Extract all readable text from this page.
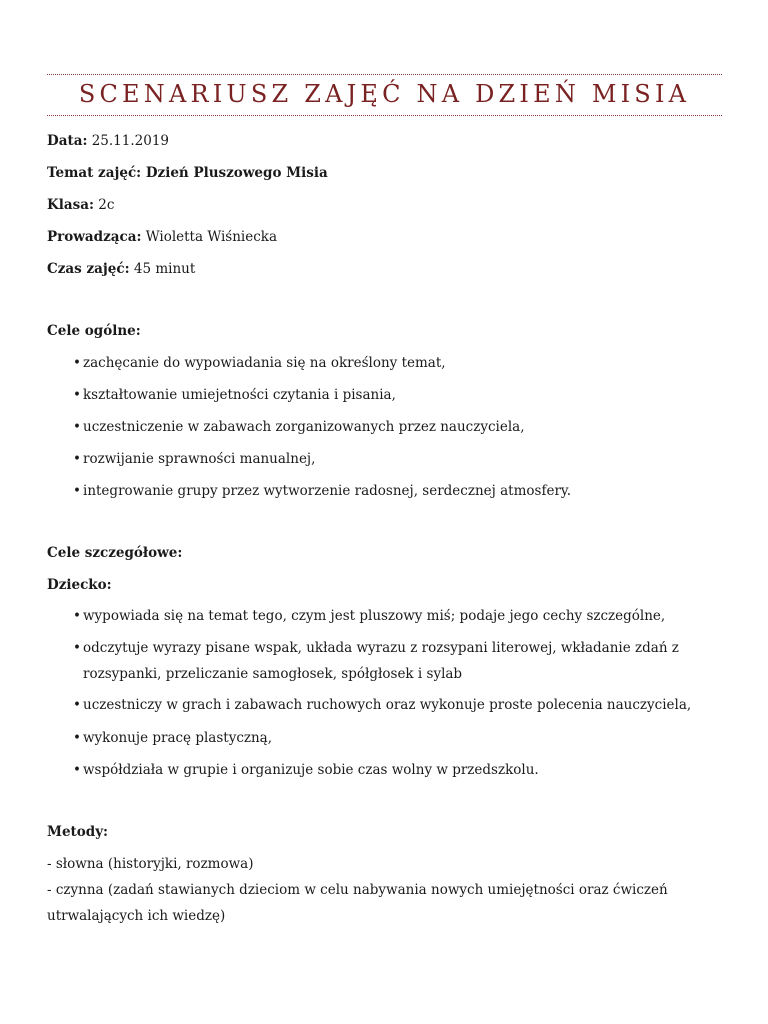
SCENARIUSZ ZAJĘĆ NA DZIEŃ MISIA
Data: 25.11.2019
Temat zajęć: Dzień Pluszowego Misia
Klasa: 2c
Prowadząca: Wioletta Wiśniecka
Czas zajęć: 45 minut
Cele ogólne:
• zachęcanie do wypowiadania się na określony temat,
• kształtowanie umiejetności czytania i pisania,
• uczestniczenie w zabawach zorganizowanych przez nauczyciela,
• rozwijanie sprawności manualnej,
• integrowanie grupy przez wytworzenie radosnej, serdecznej atmosfery.
Cele szczegółowe:
Dziecko:
• wypowiada się na temat tego, czym jest pluszowy miś; podaje jego cechy szczególne,
• odczytuje wyrazy pisane wspak, układa wyrazu z rozsypani literowej, wkładanie zdań z
rozsypanki, przeliczanie samogłosek, spółgłosek i sylab
• uczestniczy w grach i zabawach ruchowych oraz wykonuje proste polecenia nauczyciela,
• wykonuje pracę plastyczną,
• współdziała w grupie i organizuje sobie czas wolny w przedszkolu.
Metody:
- słowna (historyjki, rozmowa)
- czynna (zadań stawianych dzieciom w celu nabywania nowych umiejętności oraz ćwiczeń
utrwalających ich wiedzę)
